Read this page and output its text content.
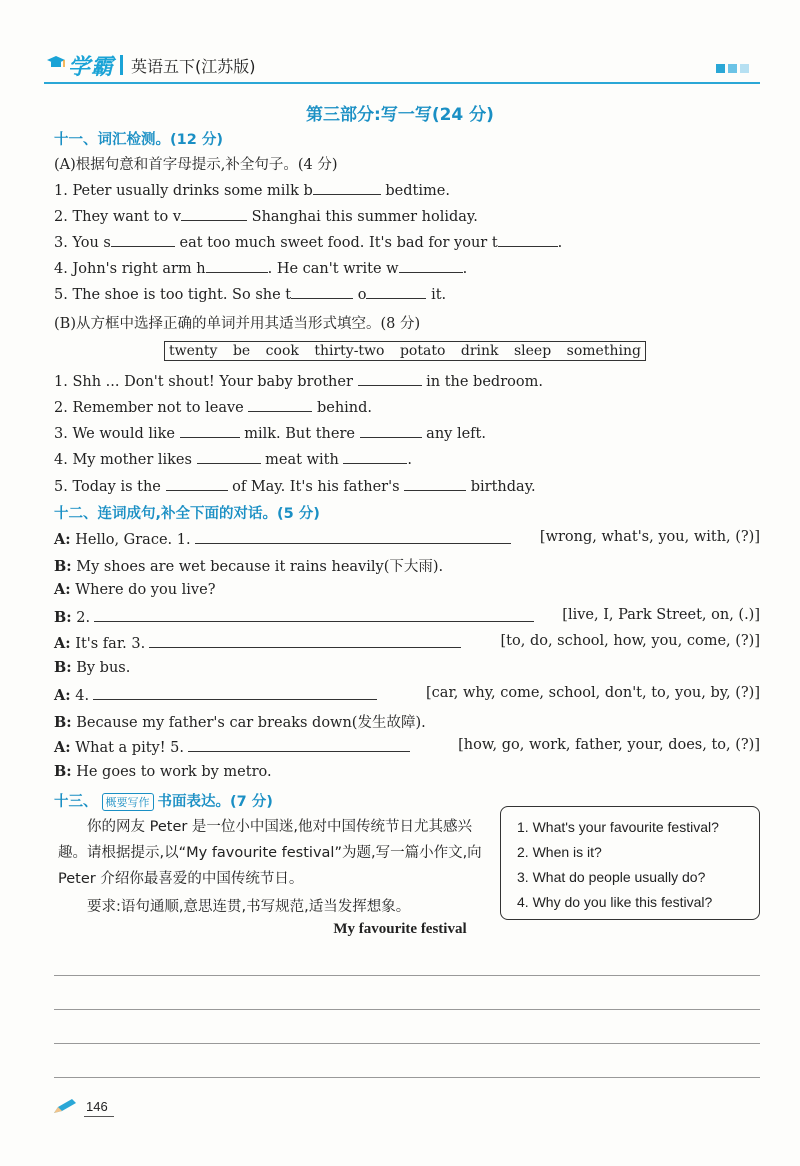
学霸 英语五下(江苏版)
第三部分:写一写(24 分)
十一、词汇检测。(12 分)
(A)根据句意和首字母提示,补全句子。(4 分)
1. Peter usually drinks some milk b	bedtime.
2. They want to v	Shanghai this summer holiday.
3. You s	eat too much sweet food. It's bad for your t	.
4. John's right arm h	. He can't write w	.
5. The shoe is too tight. So she t	o	it.
(B)从方框中选择正确的单词并用其适当形式填空。(8 分)
twenty be cook thirty-two potato drink sleep something
1. Shh ... Don't shout! Your baby brother	in the bedroom.
2. Remember not to leave	behind.
3. We would like	milk. But there	any left.
4. My mother likes	meat with	.
5. Today is the	of May. It's his father's	birthday.
十二、连词成句,补全下面的对话。(5 分)
A: Hello, Grace. 1.	[wrong, what's, you, with, (?)]
B: My shoes are wet because it rains heavily(下大雨).
A: Where do you live?
B: 2.	[live, I, Park Street, on, (.)]
A: It's far. 3.	[to, do, school, how, you, come, (?)]
B: By bus.
A: 4.	[car, why, come, school, don't, to, you, by, (?)]
B: Because my father's car breaks down(发生故障).
A: What a pity! 5.	[how, go, work, father, your, does, to, (?)]
B: He goes to work by metro.
十三、 概要写作 书面表达。(7 分)
你的网友 Peter 是一位小中国迷,他对中国传统节日尤其感兴趣。请根据提示,以“My favourite festival”为题,写一篇小作文,向 Peter 介绍你最喜爱的中国传统节日。
要求:语句通顺,意思连贯,书写规范,适当发挥想象。
1. What's your favourite festival?
2. When is it?
3. What do people usually do?
4. Why do you like this festival?
My favourite festival
146
